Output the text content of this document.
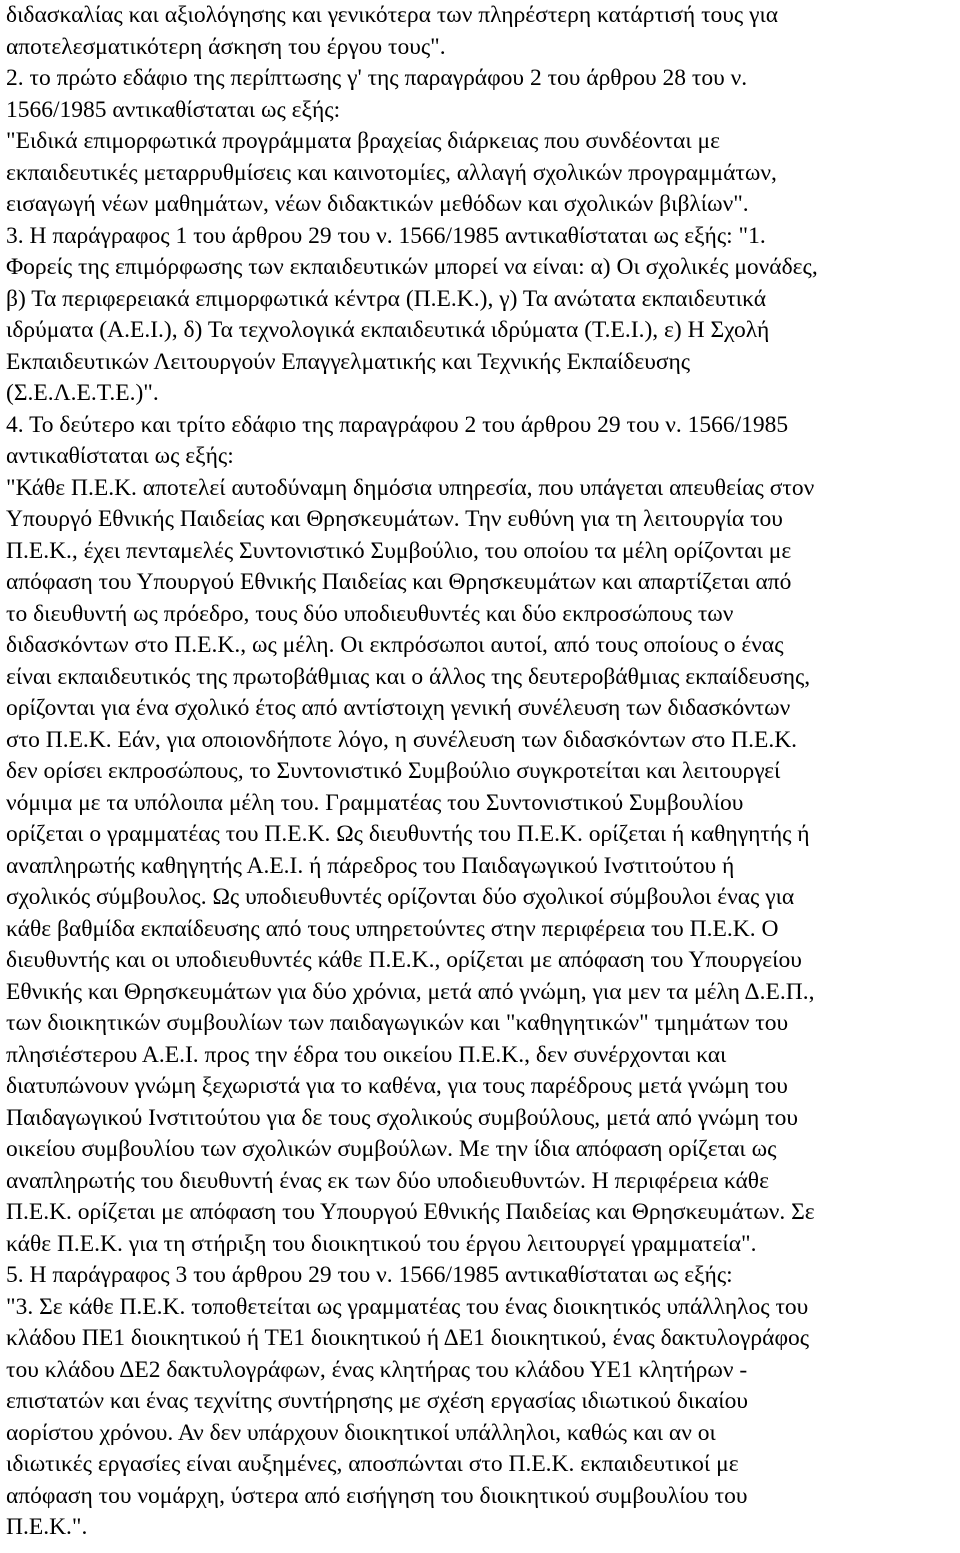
διδασκαλίας και αξιολόγησης και γενικότερα των πληρέστερη κατάρτισή τους για
αποτελεσματικότερη άσκηση του έργου τους".
2. το πρώτο εδάφιο της περίπτωσης γ' της παραγράφου 2 του άρθρου 28 του ν.
1566/1985 αντικαθίσταται ως εξής:
"Ειδικά επιμορφωτικά προγράμματα βραχείας διάρκειας που συνδέονται με
εκπαιδευτικές μεταρρυθμίσεις και καινοτομίες, αλλαγή σχολικών προγραμμάτων,
εισαγωγή νέων μαθημάτων, νέων διδακτικών μεθόδων και σχολικών βιβλίων".
3. Η παράγραφος 1 του άρθρου 29 του ν. 1566/1985 αντικαθίσταται ως εξής: "1.
Φορείς της επιμόρφωσης των εκπαιδευτικών μπορεί να είναι: α) Οι σχολικές μονάδες,
β) Τα περιφερειακά επιμορφωτικά κέντρα (Π.Ε.Κ.), γ) Τα ανώτατα εκπαιδευτικά
ιδρύματα (Α.Ε.Ι.), δ) Τα τεχνολογικά εκπαιδευτικά ιδρύματα (Τ.Ε.Ι.), ε) Η Σχολή
Εκπαιδευτικών Λειτουργούν Επαγγελματικής και Τεχνικής Εκπαίδευσης
(Σ.Ε.Λ.Ε.Τ.Ε.)".
4. Το δεύτερο και τρίτο εδάφιο της παραγράφου 2 του άρθρου 29 του ν. 1566/1985
αντικαθίσταται ως εξής:
"Κάθε Π.Ε.Κ. αποτελεί αυτοδύναμη δημόσια υπηρεσία, που υπάγεται απευθείας στον
Υπουργό Εθνικής Παιδείας και Θρησκευμάτων. Την ευθύνη για τη λειτουργία του
Π.Ε.Κ., έχει πενταμελές Συντονιστικό Συμβούλιο, του οποίου τα μέλη ορίζονται με
απόφαση του Υπουργού Εθνικής Παιδείας και Θρησκευμάτων και απαρτίζεται από
το διευθυντή ως πρόεδρο, τους δύο υποδιευθυντές και δύο εκπροσώπους των
διδασκόντων στο Π.Ε.Κ., ως μέλη. Οι εκπρόσωποι αυτοί, από τους οποίους ο ένας
είναι εκπαιδευτικός της πρωτοβάθμιας και ο άλλος της δευτεροβάθμιας εκπαίδευσης,
ορίζονται για ένα σχολικό έτος από αντίστοιχη γενική συνέλευση των διδασκόντων
στο Π.Ε.Κ. Εάν, για οποιονδήποτε λόγο, η συνέλευση των διδασκόντων στο Π.Ε.Κ.
δεν ορίσει εκπροσώπους, το Συντονιστικό Συμβούλιο συγκροτείται και λειτουργεί
νόμιμα με τα υπόλοιπα μέλη του. Γραμματέας του Συντονιστικού Συμβουλίου
ορίζεται ο γραμματέας του Π.Ε.Κ. Ως διευθυντής του Π.Ε.Κ. ορίζεται ή καθηγητής ή
αναπληρωτής καθηγητής Α.Ε.Ι. ή πάρεδρος του Παιδαγωγικού Ινστιτούτου ή
σχολικός σύμβουλος. Ως υποδιευθυντές ορίζονται δύο σχολικοί σύμβουλοι ένας για
κάθε βαθμίδα εκπαίδευσης από τους υπηρετούντες στην περιφέρεια του Π.Ε.Κ. Ο
διευθυντής και οι υποδιευθυντές κάθε Π.Ε.Κ., ορίζεται με απόφαση του Υπουργείου
Εθνικής και Θρησκευμάτων για δύο χρόνια, μετά από γνώμη, για μεν τα μέλη Δ.Ε.Π.,
των διοικητικών συμβουλίων των παιδαγωγικών και "καθηγητικών" τμημάτων του
πλησιέστερου Α.Ε.Ι. προς την έδρα του οικείου Π.Ε.Κ., δεν συνέρχονται και
διατυπώνουν γνώμη ξεχωριστά για το καθένα, για τους παρέδρους μετά γνώμη του
Παιδαγωγικού Ινστιτούτου για δε τους σχολικούς συμβούλους, μετά από γνώμη του
οικείου συμβουλίου των σχολικών συμβούλων. Με την ίδια απόφαση ορίζεται ως
αναπληρωτής του διευθυντή ένας εκ των δύο υποδιευθυντών. Η περιφέρεια κάθε
Π.Ε.Κ. ορίζεται με απόφαση του Υπουργού Εθνικής Παιδείας και Θρησκευμάτων. Σε
κάθε Π.Ε.Κ. για τη στήριξη του διοικητικού του έργου λειτουργεί γραμματεία".
5. Η παράγραφος 3 του άρθρου 29 του ν. 1566/1985 αντικαθίσταται ως εξής:
"3. Σε κάθε Π.Ε.Κ. τοποθετείται ως γραμματέας του ένας διοικητικός υπάλληλος του
κλάδου ΠΕ1 διοικητικού ή ΤΕ1 διοικητικού ή ΔΕ1 διοικητικού, ένας δακτυλογράφος
του κλάδου ΔΕ2 δακτυλογράφων, ένας κλητήρας του κλάδου ΥΕ1 κλητήρων -
επιστατών και ένας τεχνίτης συντήρησης με σχέση εργασίας ιδιωτικού δικαίου
αορίστου χρόνου. Αν δεν υπάρχουν διοικητικοί υπάλληλοι, καθώς και αν οι
ιδιωτικές εργασίες είναι αυξημένες, αποσπώνται στο Π.Ε.Κ. εκπαιδευτικοί με
απόφαση του νομάρχη, ύστερα από εισήγηση του διοικητικού συμβουλίου του
Π.Ε.Κ.".
